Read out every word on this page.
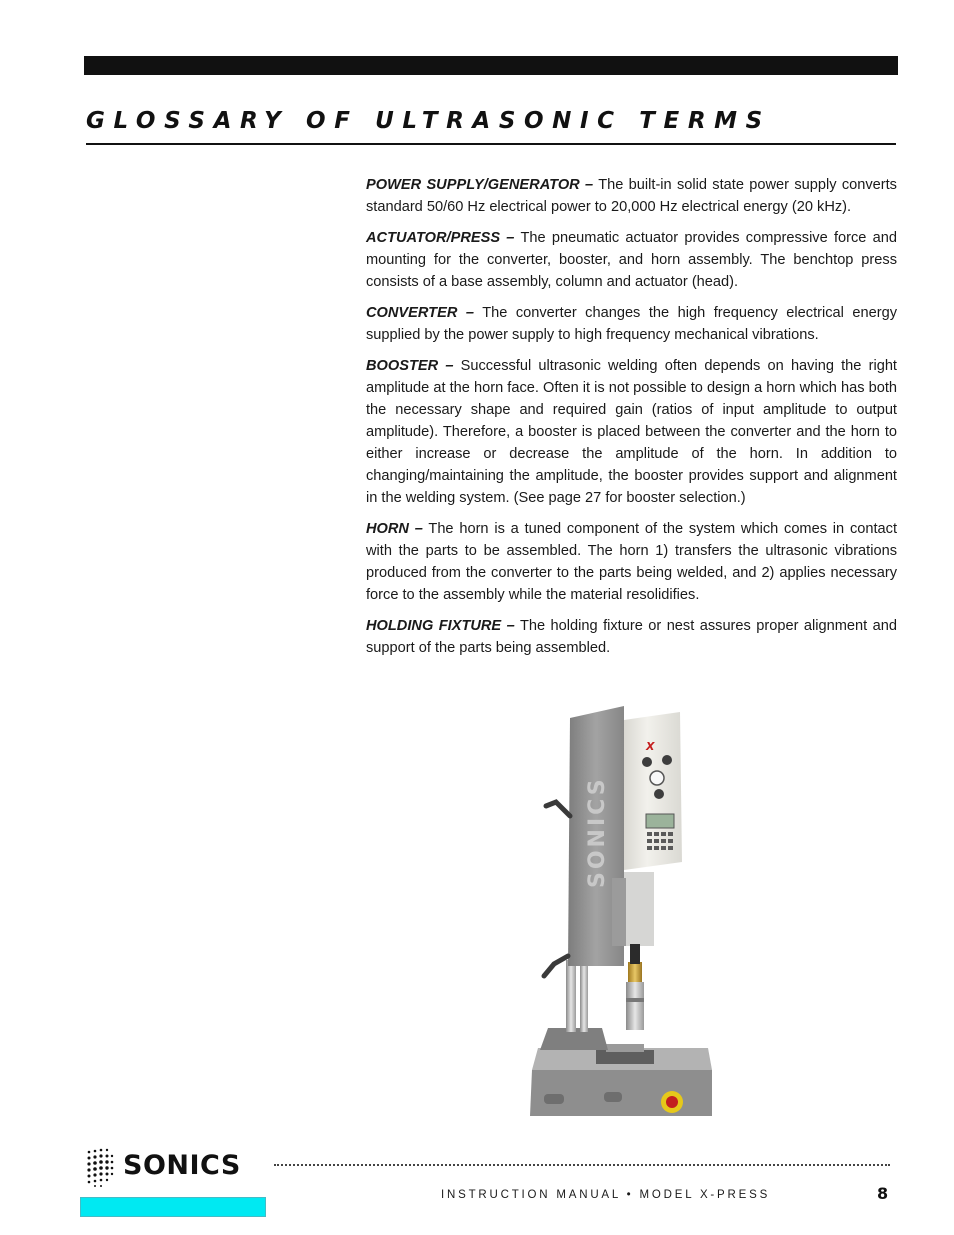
GLOSSARY OF ULTRASONIC TERMS

POWER SUPPLY/GENERATOR – The built-in solid state power supply converts standard 50/60 Hz electrical power to 20,000 Hz electrical energy (20 kHz).

ACTUATOR/PRESS – The pneumatic actuator provides compressive force and mounting for the converter, booster, and horn assembly. The benchtop press consists of a base assembly, column and actuator (head).

CONVERTER – The converter changes the high frequency electrical energy supplied by the power supply to high frequency mechanical vibrations.

BOOSTER – Successful ultrasonic welding often depends on having the right amplitude at the horn face. Often it is not possible to design a horn which has both the necessary shape and required gain (ratios of input amplitude to output amplitude). Therefore, a booster is placed between the converter and the horn to either increase or decrease the amplitude of the horn. In addition to changing/maintaining the amplitude, the booster provides support and alignment in the welding system. (See page 27 for booster selection.)

HORN – The horn is a tuned component of the system which comes in contact with the parts to be assembled. The horn 1) transfers the ultrasonic vibrations produced from the converter to the parts being welded, and 2) applies necessary force to the assembly while the material resolidifies.

HOLDING FIXTURE – The holding fixture or nest assures proper alignment and support of the parts being assembled.

SONICS
X
SONICS
INSTRUCTION MANUAL • MODEL X-PRESS	8
